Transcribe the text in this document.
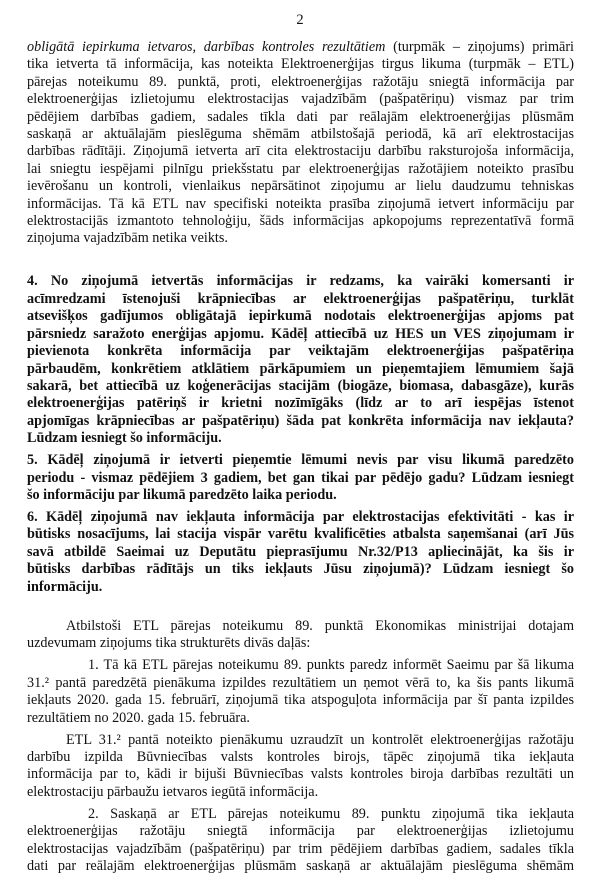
2

obligātā iepirkuma ietvaros, darbības kontroles rezultātiem (turpmāk – ziņojums) primāri
tika ietverta tā informācija, kas noteikta Elektroenerģijas tirgus likuma (turpmāk – ETL)
pārejas noteikumu 89. punktā, proti, elektroenerģijas ražotāju sniegtā informācija par
elektroenerģijas izlietojumu elektrostacijas vajadzībām (pašpatēriņu) vismaz par trim
pēdējiem darbības gadiem, sadales tīkla dati par reālajām elektroenerģijas plūsmām
saskaņā ar aktuālajām pieslēguma shēmām atbilstošajā periodā, kā arī elektrostacijas
darbības rādītāji. Ziņojumā ietverta arī cita elektrostaciju darbību raksturojoša informācija,
lai sniegtu iespējami pilnīgu priekšstatu par elektroenerģijas ražotājiem noteikto prasību
ievērošanu un kontroli, vienlaikus nepārsātinot ziņojumu ar lielu daudzumu tehniskas
informācijas. Tā kā ETL nav specifiski noteikta prasība ziņojumā ietvert informāciju par
elektrostacijās izmantoto tehnoloģiju, šāds informācijas apkopojums reprezentatīvā formā
ziņojuma vajadzībām netika veikts.

4. No ziņojumā ietvertās informācijas ir redzams, ka vairāki komersanti ir
acīmredzami īstenojuši krāpniecības ar elektroenerģijas pašpatēriņu, turklāt
atsevišķos gadījumos obligātajā iepirkumā nodotais elektroenerģijas apjoms pat
pārsniedz saražoto enerģijas apjomu. Kādēļ attiecībā uz HES un VES ziņojumam ir
pievienota konkrēta informācija par veiktajām elektroenerģijas pašpatēriņa
pārbaudēm, konkrētiem atklātiem pārkāpumiem un pieņemtajiem lēmumiem šajā
sakarā, bet attiecībā uz koģenerācijas stacijām (biogāze, biomasa, dabasgāze), kurās
elektroenerģijas patēriņš ir krietni nozīmīgāks (līdz ar to arī iespējas īstenot
apjomīgas krāpniecības ar pašpatēriņu) šāda pat konkrēta informācija nav iekļauta?
Lūdzam iesniegt šo informāciju.

5. Kādēļ ziņojumā ir ietverti pieņemtie lēmumi nevis par visu likumā paredzēto
periodu - vismaz pēdējiem 3 gadiem, bet gan tikai par pēdējo gadu? Lūdzam iesniegt
šo informāciju par likumā paredzēto laika periodu.

6. Kādēļ ziņojumā nav iekļauta informācija par elektrostacijas efektivitāti - kas ir
būtisks nosacījums, lai stacija vispār varētu kvalificēties atbalsta saņemšanai (arī Jūs
savā atbildē Saeimai uz Deputātu pieprasījumu Nr.32/P13 apliecinājāt, ka šis ir
būtisks darbības rādītājs un tiks iekļauts Jūsu ziņojumā)? Lūdzam iesniegt šo
informāciju.

Atbilstoši ETL pārejas noteikumu 89. punktā Ekonomikas ministrijai dotajam
uzdevumam ziņojums tika strukturēts divās daļās:

1. Tā kā ETL pārejas noteikumu 89. punkts paredz informēt Saeimu par šā likuma
31.² pantā paredzētā pienākuma izpildes rezultātiem un ņemot vērā to, ka šis pants likumā
iekļauts 2020. gada 15. februārī, ziņojumā tika atspoguļota informācija par šī panta izpildes
rezultātiem no 2020. gada 15. februāra.

ETL 31.² pantā noteikto pienākumu uzraudzīt un kontrolēt elektroenerģijas ražotāju
darbību izpilda Būvniecības valsts kontroles birojs, tāpēc ziņojumā tika iekļauta
informācija par to, kādi ir bijuši Būvniecības valsts kontroles biroja darbības rezultāti un
elektrostaciju pārbaužu ietvaros iegūtā informācija.

2. Saskaņā ar ETL pārejas noteikumu 89. punktu ziņojumā tika iekļauta
elektroenerģijas ražotāju sniegtā informācija par elektroenerģijas izlietojumu
elektrostacijas vajadzībām (pašpatēriņu) par trim pēdējiem darbības gadiem, sadales tīkla
dati par reālajām elektroenerģijas plūsmām saskaņā ar aktuālajām pieslēguma shēmām
